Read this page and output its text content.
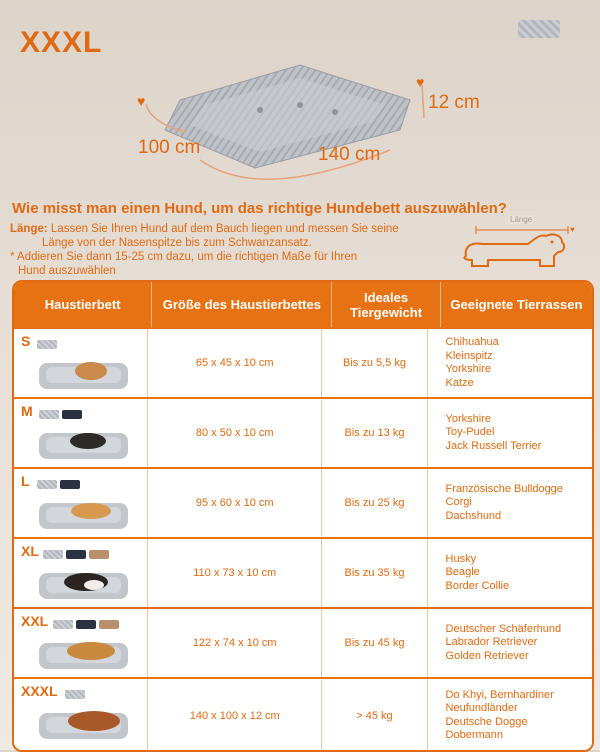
XXXL
♥
♥
100 cm	140 cm
12 cm
Wie misst man einen Hund, um das richtige Hundebett auszuwählen?
Länge: Lassen Sie Ihren Hund auf dem Bauch liegen und messen Sie seine
Länge von der Nasenspitze bis zum Schwanzansatz.
* Addieren Sie dann 15-25 cm dazu, um die richtigen Maße für Ihren
Hund auszuwählen
♥
Länge
Haustierbett	Größe des Haustierbettes	Ideales Tiergewicht	Geeignete Tierrassen
S
65 x 45 x 10 cm	Bis zu 5,5 kg
Chihuahua
Kleinspitz
Yorkshire
Katze
M
80 x 50 x 10 cm	Bis zu 13 kg
Yorkshire
Toy-Pudel
Jack Russell Terrier
L
95 x 60 x 10 cm	Bis zu 25 kg
Französische Bulldogge
Corgi
Dachshund
XL
110 x 73 x 10 cm	Bis zu 35 kg
Husky
Beagle
Border Collie
XXL
122 x 74 x 10 cm	Bis zu 45 kg
Deutscher Schäferhund
Labrador Retriever
Golden Retriever
XXXL
140 x 100 x 12 cm	> 45 kg
Do Khyi, Bernhardiner
Neufundländer
Deutsche Dogge
Dobermann
